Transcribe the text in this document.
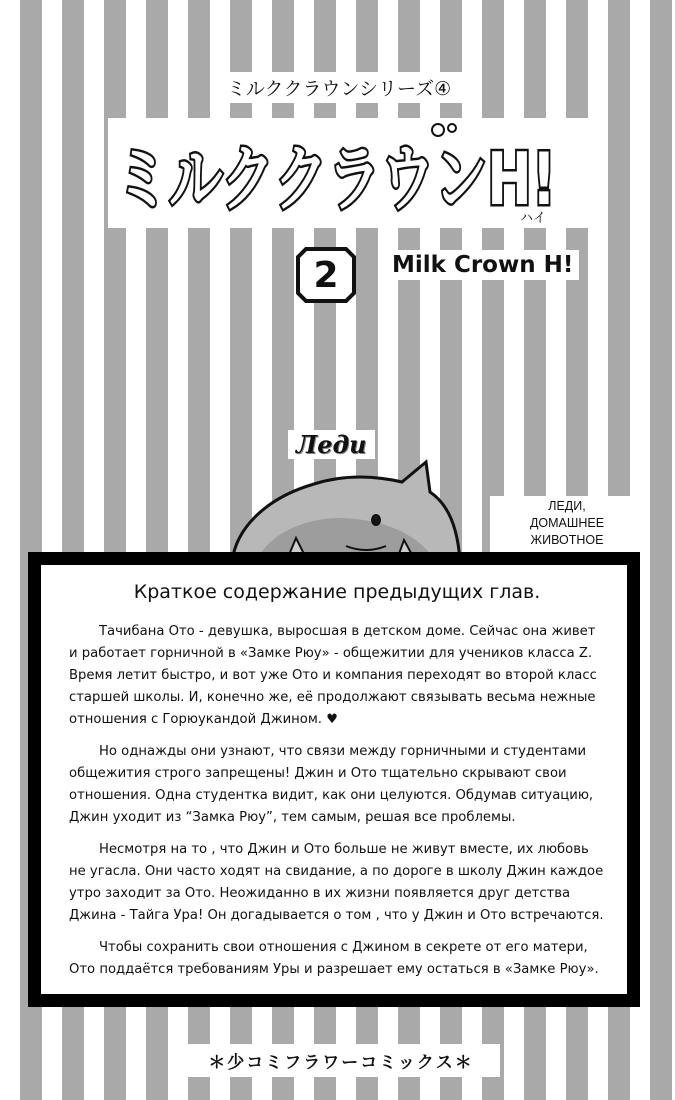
ミルククラウンシリーズ④
ミルククラウンH!
ハイ
2	Milk Crown H!
Леди
ЛЕДИ,
ДОМАШНЕЕ ЖИВОТНОЕ
Краткое содержание предыдущих глав.

Тачибана Ото - девушка, выросшая в детском доме. Сейчас она живет и работает горничной в «Замке Рюу» - общежитии для учеников класса Z. Время летит быстро, и вот уже Ото и компания переходят во второй класс старшей школы. И, конечно же, её продолжают связывать весьма нежные отношения с Горюукандой Джином. ♥

Но однажды они узнают, что связи между горничными и студентами общежития строго запрещены! Джин и Ото тщательно скрывают свои отношения. Одна студентка видит, как они целуются. Обдумав ситуацию, Джин уходит из “Замка Рюу”, тем самым, решая все проблемы.

Несмотря на то , что Джин и Ото больше не живут вместе, их любовь не угасла. Они часто ходят на свидание, а по дороге в школу Джин каждое утро заходит за Ото. Неожиданно в их жизни появляется друг детства Джина - Тайга Ура! Он догадывается о том , что у Джин и Ото встречаются.

Чтобы сохранить свои отношения с Джином в секрете от его матери, Ото поддаётся требованиям Уры и разрешает ему остаться в «Замке Рюу».

＊少コミフラワーコミックス＊
